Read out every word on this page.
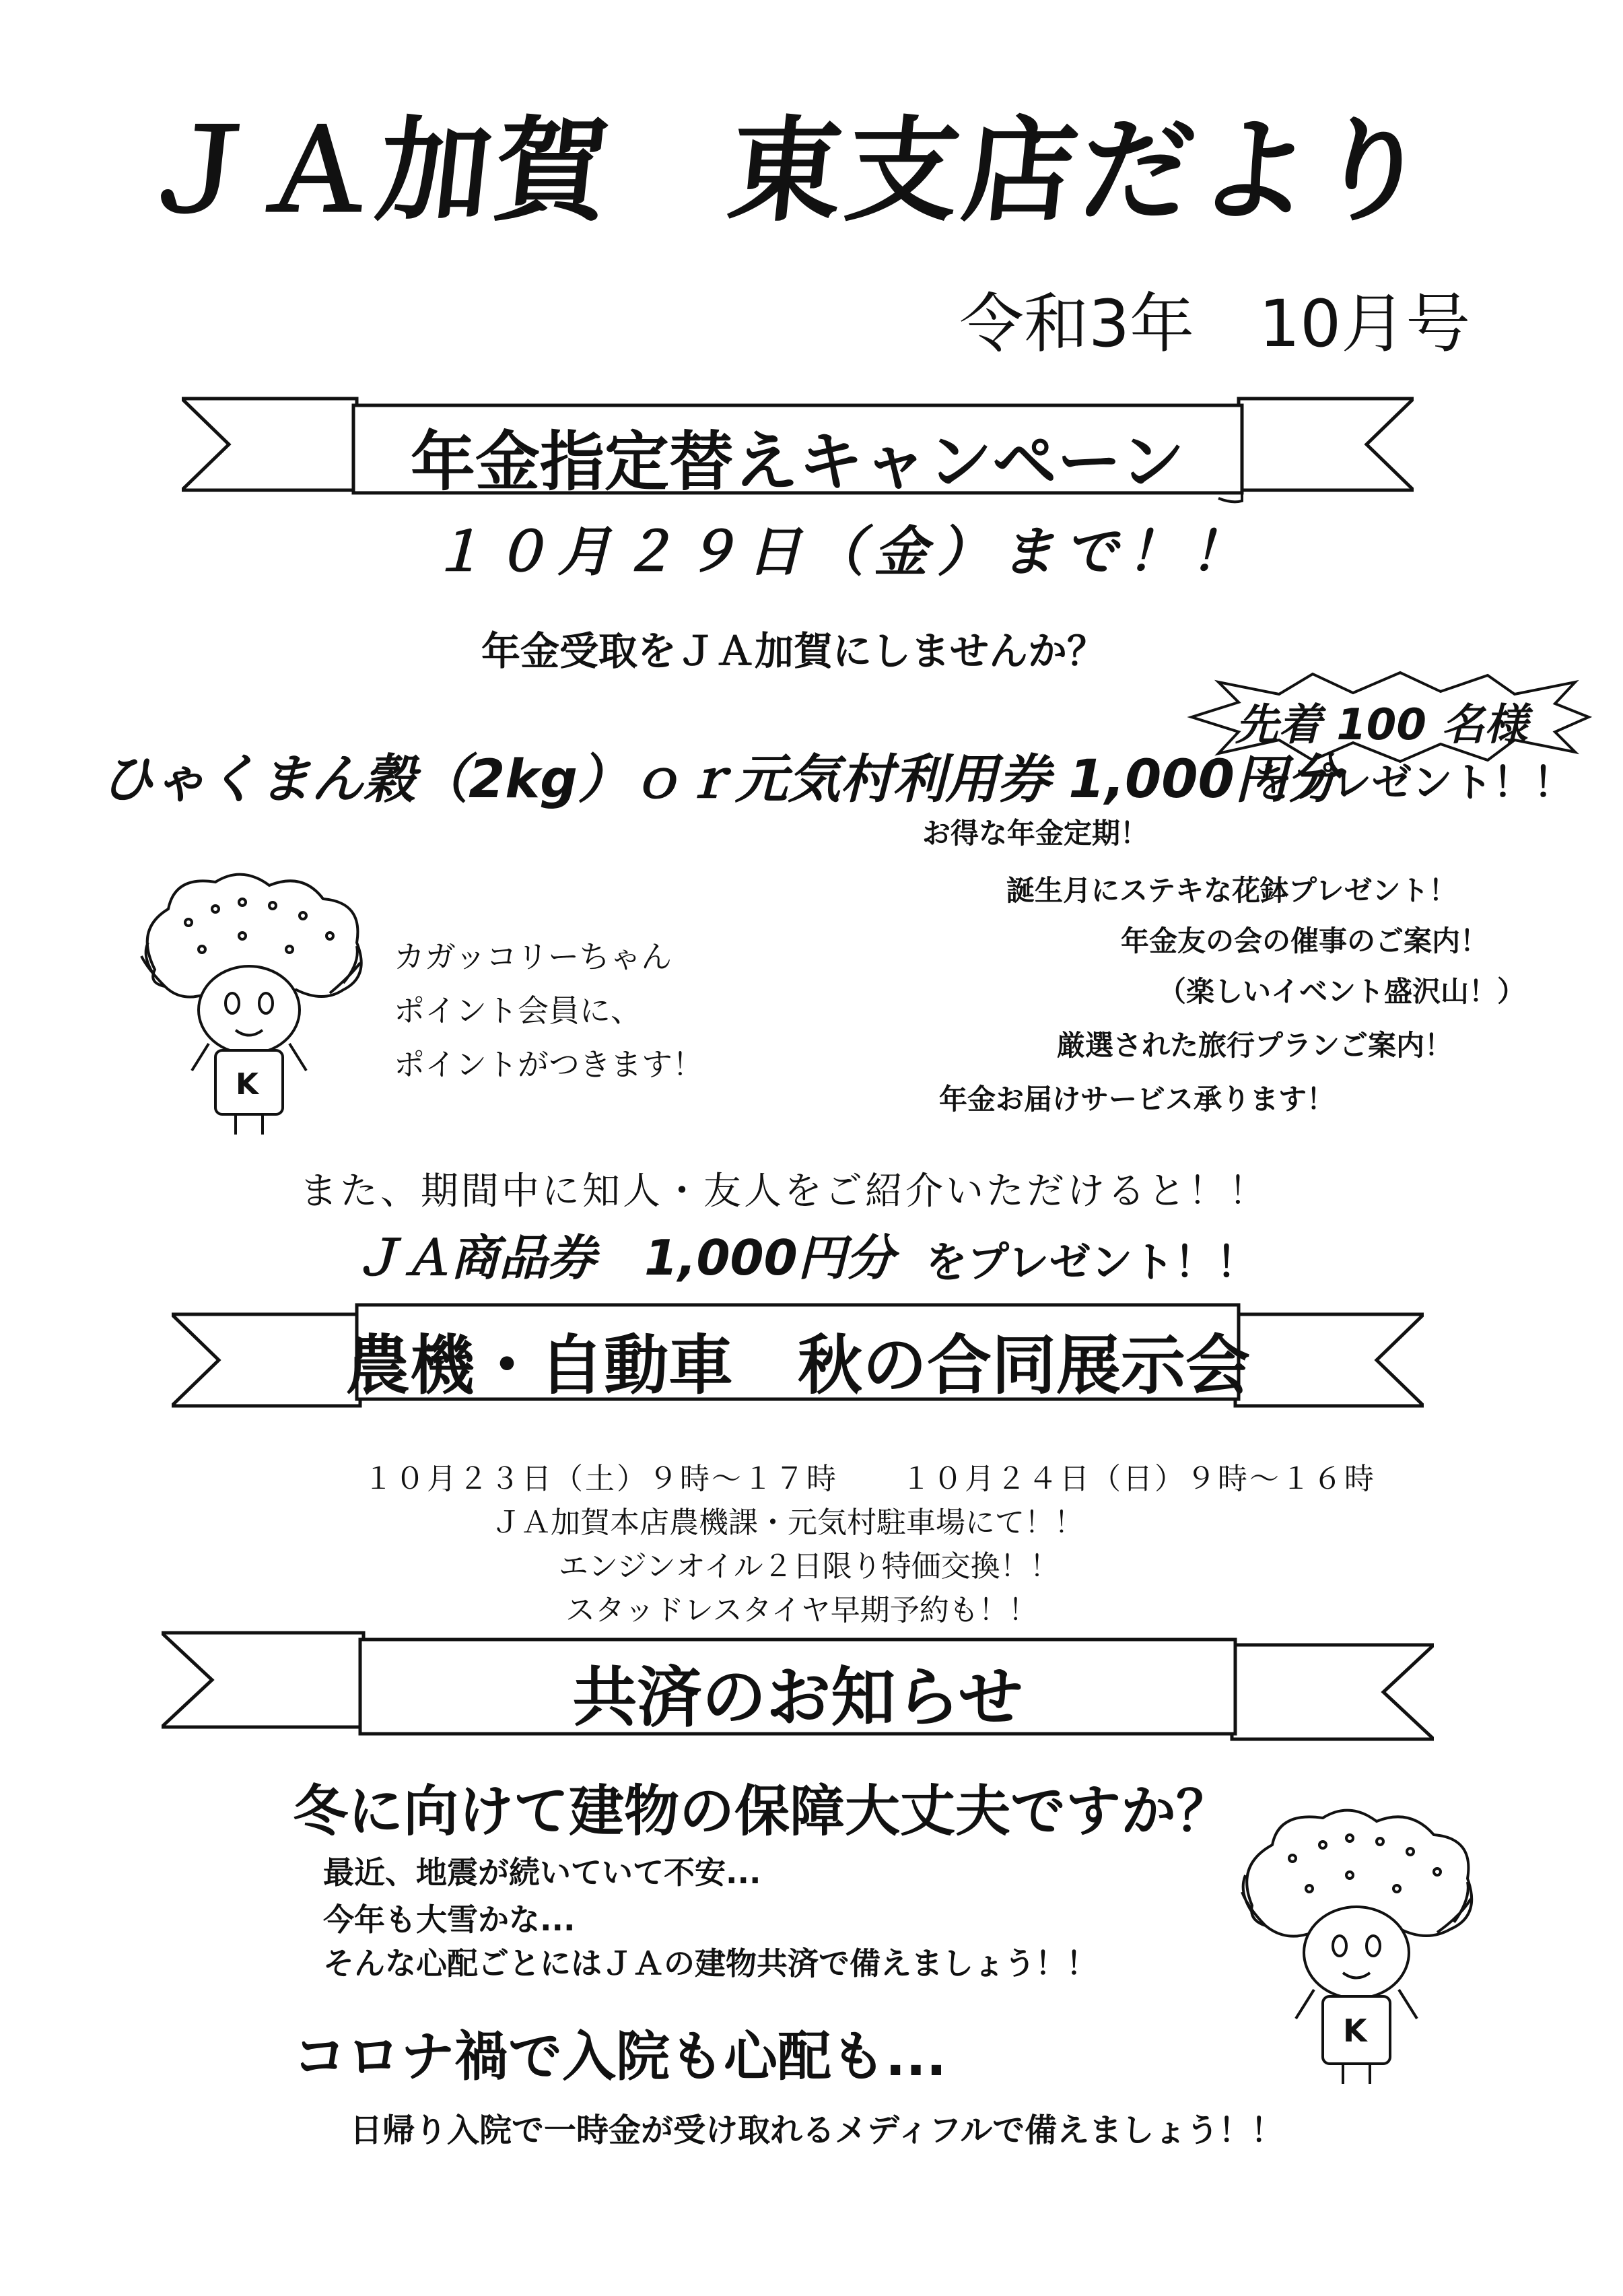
ＪＡ加賀　東支店だより
令和3年　10月号
年金指定替えキャンペーン
１０月２９日（金）まで！！
年金受取をＪＡ加賀にしませんか？
先着 100 名様
ひゃくまん穀（2kg）ｏｒ元気村利用券 1,000円分
をプレゼント！！
お得な年金定期！
誕生月にステキな花鉢プレゼント！
年金友の会の催事のご案内！
（楽しいイベント盛沢山！）
厳選された旅行プランご案内！
年金お届けサービス承ります！
K
カガッコリーちゃん
ポイント会員に、
ポイントがつきます！
また、期間中に知人・友人をご紹介いただけると！！
ＪＡ商品券　1,000円分 をプレゼント！！
農機・自動車　秋の合同展示会
１０月２３日（土）９時～１７時　　１０月２４日（日）９時～１６時
ＪＡ加賀本店農機課・元気村駐車場にて！！
エンジンオイル２日限り特価交換！！
スタッドレスタイヤ早期予約も！！
共済のお知らせ
冬に向けて建物の保障大丈夫ですか？
最近、地震が続いていて不安...
今年も大雪かな...
そんな心配ごとにはＪＡの建物共済で備えましょう！！
コロナ禍で入院も心配も...
日帰り入院で一時金が受け取れるメディフルで備えましょう！！
K
